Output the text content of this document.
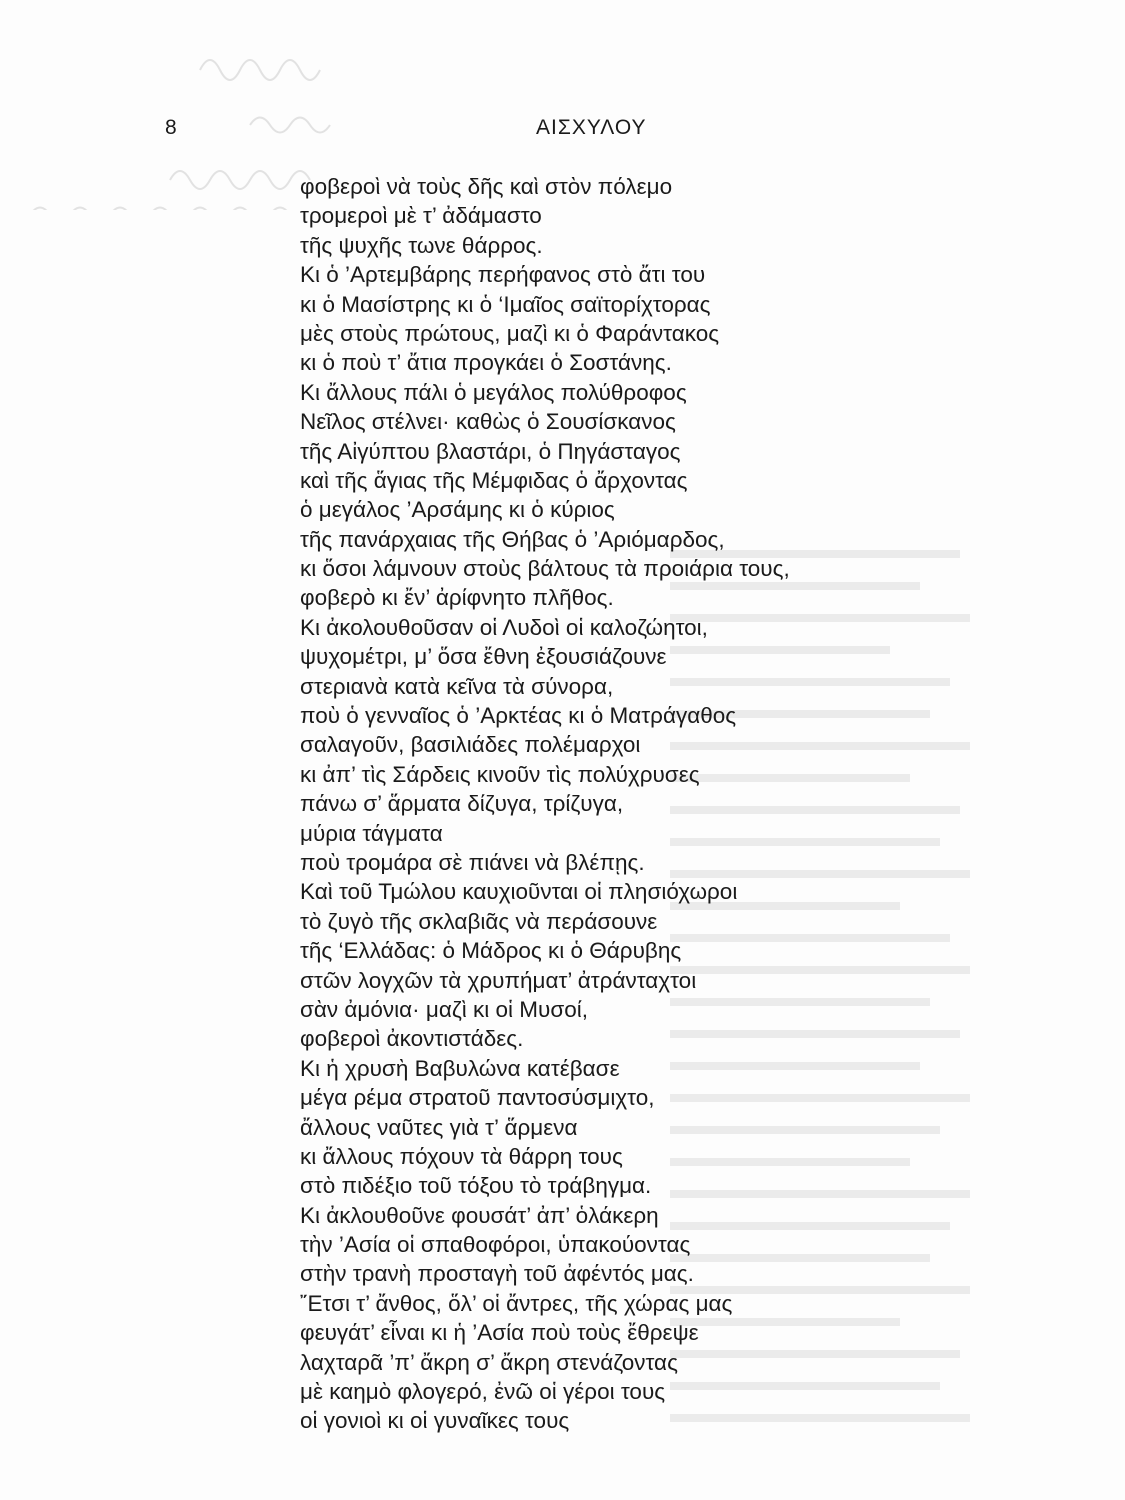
8	ΑΙΣΧΥΛΟΥ
φοβεροὶ νὰ τοὺς δῆς καὶ στὸν πόλεμο
τρομεροὶ μὲ τ’ ἀδάμαστο
τῆς ψυχῆς τωνε θάρρος.
Κι ὁ ’Αρτεμβάρης περήφανος στὸ ἄτι του
κι ὁ Μασίστρης κι ὁ ‘Ιμαῖος σαϊτορίχτορας
μὲς στοὺς πρώτους, μαζὶ κι ὁ Φαράντακος
κι ὁ ποὺ τ’ ἄτια προγκάει ὁ Σοστάνης.
Κι ἄλλους πάλι ὁ μεγάλος πολύθροφος
Νεῖλος στέλνει· καθὼς ὁ Σουσίσκανος
τῆς Αἰγύπτου βλαστάρι, ὁ Πηγάσταγος
καὶ τῆς ἅγιας τῆς Μέμφιδας ὁ ἄρχοντας
ὁ μεγάλος ’Αρσάμης κι ὁ κύριος
τῆς πανάρχαιας τῆς Θήβας ὁ ’Αριόμαρδος,
κι ὅσοι λάμνουν στοὺς βάλτους τὰ προιάρια τους,
φοβερὸ κι ἔν’ ἀρίφνητο πλῆθος.
Κι ἀκολουθοῦσαν οἱ Λυδοὶ οἱ καλοζώητοι,
ψυχομέτρι, μ’ ὅσα ἔθνη ἐξουσιάζουνε
στεριανὰ κατὰ κεῖνα τὰ σύνορα,
ποὺ ὁ γενναῖος ὁ ’Αρκτέας κι ὁ Ματράγαθος
σαλαγοῦν, βασιλιάδες πολέμαρχοι
κι ἀπ’ τὶς Σάρδεις κινοῦν τὶς πολύχρυσες
πάνω σ’ ἅρματα δίζυγα, τρίζυγα,
μύρια τάγματα
ποὺ τρομάρα σὲ πιάνει νὰ βλέπῃς.
Καὶ τοῦ Τμώλου καυχιοῦνται οἱ πλησιόχωροι
τὸ ζυγὸ τῆς σκλαβιᾶς νὰ περάσουνε
τῆς ‘Ελλάδας: ὁ Μάδρος κι ὁ Θάρυβης
στῶν λογχῶν τὰ χρυπήματ’ ἀτράνταχτοι
σὰν ἀμόνια· μαζὶ κι οἱ Μυσοί,
φοβεροὶ ἀκοντιστάδες.
Κι ἡ χρυσὴ Βαβυλώνα κατέβασε
μέγα ρέμα στρατοῦ παντοσύσμιχτο,
ἄλλους ναῦτες γιὰ τ’ ἅρμενα
κι ἄλλους πόχουν τὰ θάρρη τους
στὸ πιδέξιο τοῦ τόξου τὸ τράβηγμα.
Κι ἀκλουθοῦνε φουσάτ’ ἀπ’ ὁλάκερη
τὴν ’Ασία οἱ σπαθοφόροι, ὑπακούοντας
στὴν τρανὴ προσταγὴ τοῦ ἀφέντός μας.
῎Ετσι τ’ ἄνθος, ὅλ’ οἱ ἄντρες, τῆς χώρας μας
φευγάτ’ εἶναι κι ἡ ’Ασία ποὺ τοὺς ἔθρεψε
λαχταρᾶ ’π’ ἄκρη σ’ ἄκρη στενάζοντας
μὲ καημὸ φλογερό, ἐνῶ οἱ γέροι τους
οἱ γονιοὶ κι οἱ γυναῖκες τους
